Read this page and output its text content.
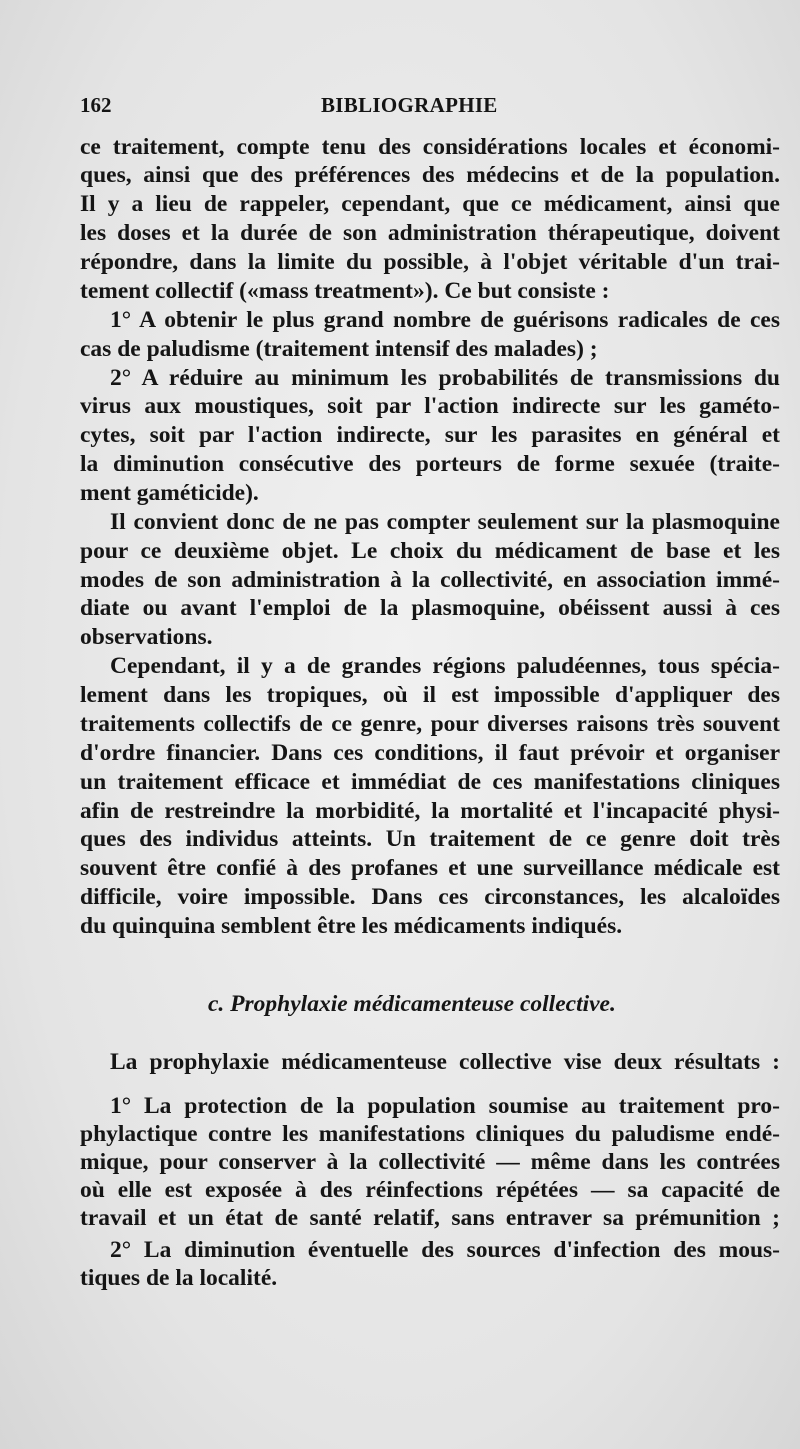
162	BIBLIOGRAPHIE
ce traitement, compte tenu des considérations locales et économi-
ques, ainsi que des préférences des médecins et de la population.
Il y a lieu de rappeler, cependant, que ce médicament, ainsi que
les doses et la durée de son administration thérapeutique, doivent
répondre, dans la limite du possible, à l'objet véritable d'un trai-
tement collectif («mass treatment»). Ce but consiste :
1° A obtenir le plus grand nombre de guérisons radicales de ces
cas de paludisme (traitement intensif des malades) ;
2° A réduire au minimum les probabilités de transmissions du
virus aux moustiques, soit par l'action indirecte sur les gaméto-
cytes, soit par l'action indirecte, sur les parasites en général et
la diminution consécutive des porteurs de forme sexuée (traite-
ment gaméticide).
Il convient donc de ne pas compter seulement sur la plasmoquine
pour ce deuxième objet. Le choix du médicament de base et les
modes de son administration à la collectivité, en association immé-
diate ou avant l'emploi de la plasmoquine, obéissent aussi à ces
observations.
Cependant, il y a de grandes régions paludéennes, tous spécia-
lement dans les tropiques, où il est impossible d'appliquer des
traitements collectifs de ce genre, pour diverses raisons très souvent
d'ordre financier. Dans ces conditions, il faut prévoir et organiser
un traitement efficace et immédiat de ces manifestations cliniques
afin de restreindre la morbidité, la mortalité et l'incapacité physi-
ques des individus atteints. Un traitement de ce genre doit très
souvent être confié à des profanes et une surveillance médicale est
difficile, voire impossible. Dans ces circonstances, les alcaloïdes
du quinquina semblent être les médicaments indiqués.
c. Prophylaxie médicamenteuse collective.
La prophylaxie médicamenteuse collective vise deux résultats :
1° La protection de la population soumise au traitement pro-
phylactique contre les manifestations cliniques du paludisme endé-
mique, pour conserver à la collectivité — même dans les contrées
où elle est exposée à des réinfections répétées — sa capacité de
travail et un état de santé relatif, sans entraver sa prémunition ;
2° La diminution éventuelle des sources d'infection des mous-
tiques de la localité.
